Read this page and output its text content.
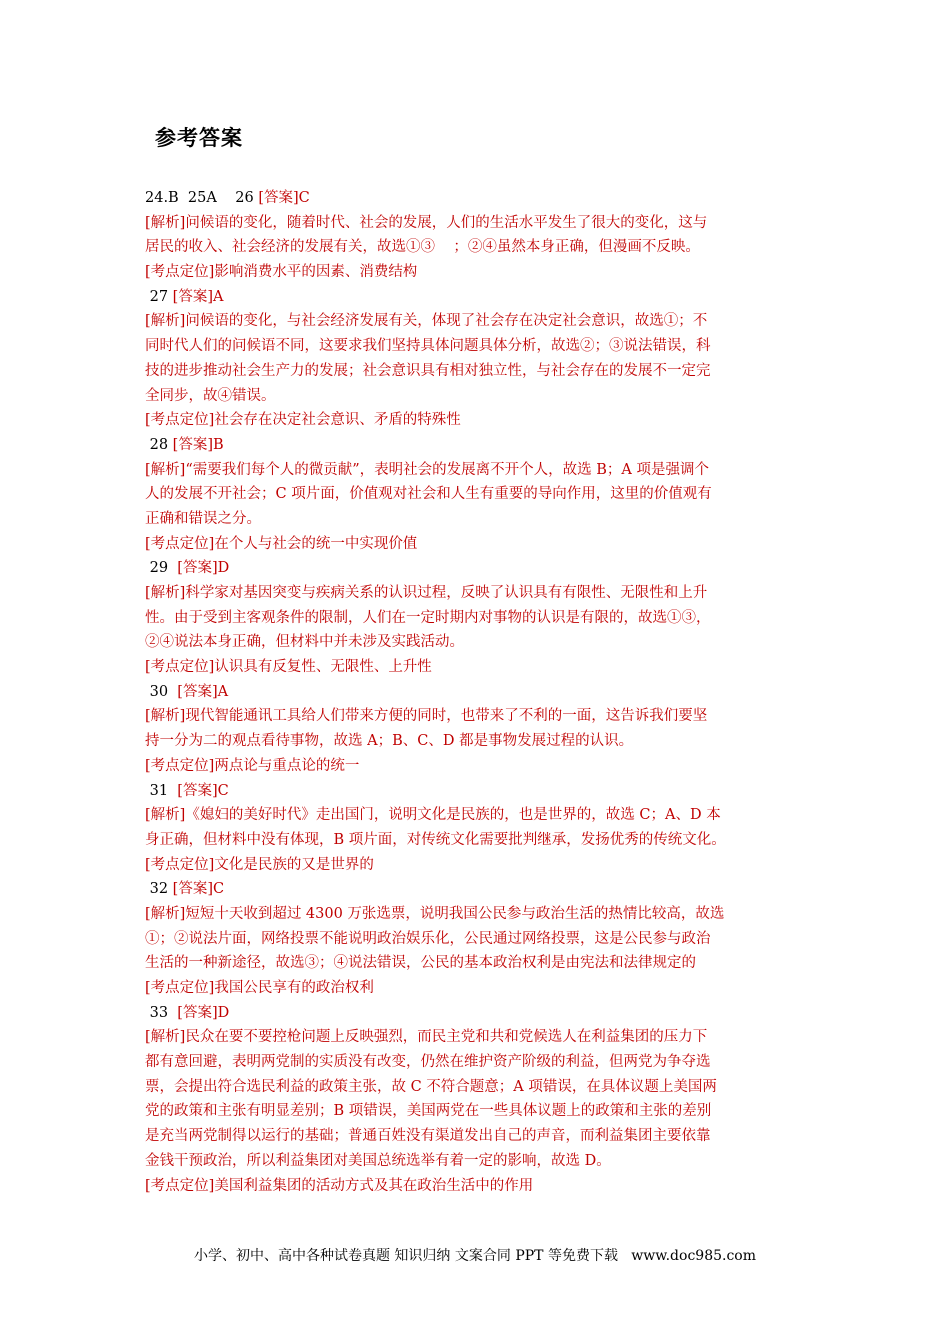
参考答案
24.B  25A    26 [答案]C
[解析]问候语的变化，随着时代、社会的发展，人们的生活水平发生了很大的变化，这与
居民的收入、社会经济的发展有关，故选①③    ；②④虽然本身正确，但漫画不反映。
[考点定位]影响消费水平的因素、消费结构
27 [答案]A
[解析]问候语的变化，与社会经济发展有关，体现了社会存在决定社会意识，故选①；不
同时代人们的问候语不同，这要求我们坚持具体问题具体分析，故选②；③说法错误，科
技的进步推动社会生产力的发展；社会意识具有相对独立性，与社会存在的发展不一定完
全同步，故④错误。
[考点定位]社会存在决定社会意识、矛盾的特殊性
28 [答案]B
[解析]“需要我们每个人的微贡献”，表明社会的发展离不开个人，故选 B；A 项是强调个
人的发展不开社会；C 项片面，价值观对社会和人生有重要的导向作用，这里的价值观有
正确和错误之分。
[考点定位]在个人与社会的统一中实现价值
29  [答案]D
[解析]科学家对基因突变与疾病关系的认识过程，反映了认识具有有限性、无限性和上升
性。由于受到主客观条件的限制，人们在一定时期内对事物的认识是有限的，故选①③，
②④说法本身正确，但材料中并未涉及实践活动。
[考点定位]认识具有反复性、无限性、上升性
30  [答案]A
[解析]现代智能通讯工具给人们带来方便的同时，也带来了不利的一面，这告诉我们要坚
持一分为二的观点看待事物，故选 A；B、C、D 都是事物发展过程的认识。
[考点定位]两点论与重点论的统一
31  [答案]C
[解析]《媳妇的美好时代》走出国门，说明文化是民族的，也是世界的，故选 C；A、D 本
身正确，但材料中没有体现，B 项片面，对传统文化需要批判继承，发扬优秀的传统文化。
[考点定位]文化是民族的又是世界的
32 [答案]C
[解析]短短十天收到超过 4300 万张选票，说明我国公民参与政治生活的热情比较高，故选
①；②说法片面，网络投票不能说明政治娱乐化，公民通过网络投票，这是公民参与政治
生活的一种新途径，故选③；④说法错误，公民的基本政治权利是由宪法和法律规定的
[考点定位]我国公民享有的政治权利
33  [答案]D
[解析]民众在要不要控枪问题上反映强烈，而民主党和共和党候选人在利益集团的压力下
都有意回避，表明两党制的实质没有改变，仍然在维护资产阶级的利益，但两党为争夺选
票，会提出符合选民利益的政策主张，故 C 不符合题意；A 项错误，在具体议题上美国两
党的政策和主张有明显差别；B 项错误，美国两党在一些具体议题上的政策和主张的差别
是充当两党制得以运行的基础；普通百姓没有渠道发出自己的声音，而利益集团主要依靠
金钱干预政治，所以利益集团对美国总统选举有着一定的影响，故选 D。
[考点定位]美国利益集团的活动方式及其在政治生活中的作用
小学、初中、高中各种试卷真题 知识归纳 文案合同 PPT 等免费下载   www.doc985.com
